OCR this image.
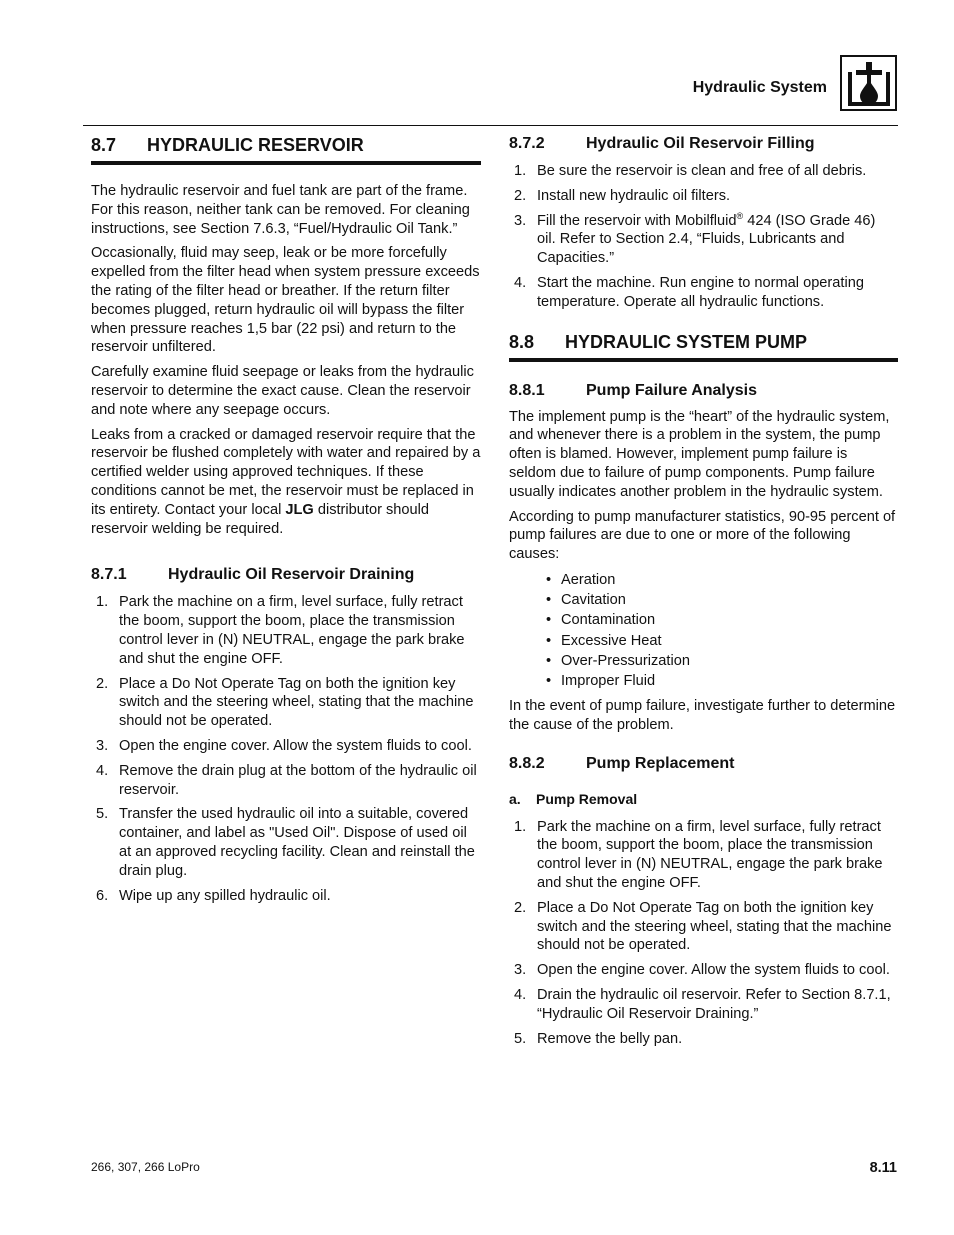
Hydraulic System
8.7	HYDRAULIC RESERVOIR

The hydraulic reservoir and fuel tank are part of the frame. For this reason, neither tank can be removed. For cleaning instructions, see Section 7.6.3, “Fuel/Hydraulic Oil Tank.”

Occasionally, fluid may seep, leak or be more forcefully expelled from the filter head when system pressure exceeds the rating of the filter head or breather. If the return filter becomes plugged, return hydraulic oil will bypass the filter when pressure reaches 1,5 bar (22 psi) and return to the reservoir unfiltered.

Carefully examine fluid seepage or leaks from the hydraulic reservoir to determine the exact cause. Clean the reservoir and note where any seepage occurs.

Leaks from a cracked or damaged reservoir require that the reservoir be flushed completely with water and repaired by a certified welder using approved techniques. If these conditions cannot be met, the reservoir must be replaced in its entirety. Contact your local JLG distributor should reservoir welding be required.

8.7.1	Hydraulic Oil Reservoir Draining
1. Park the machine on a firm, level surface, fully retract the boom, support the boom, place the transmission control lever in (N) NEUTRAL, engage the park brake and shut the engine OFF.
2. Place a Do Not Operate Tag on both the ignition key switch and the steering wheel, stating that the machine should not be operated.
3. Open the engine cover. Allow the system fluids to cool.
4. Remove the drain plug at the bottom of the hydraulic oil reservoir.
5. Transfer the used hydraulic oil into a suitable, covered container, and label as "Used Oil". Dispose of used oil at an approved recycling facility. Clean and reinstall the drain plug.
6. Wipe up any spilled hydraulic oil.
8.7.2	Hydraulic Oil Reservoir Filling
1. Be sure the reservoir is clean and free of all debris.
2. Install new hydraulic oil filters.
3. Fill the reservoir with Mobilfluid® 424 (ISO Grade 46) oil. Refer to Section 2.4, “Fluids, Lubricants and Capacities.”
4. Start the machine. Run engine to normal operating temperature. Operate all hydraulic functions.
8.8	HYDRAULIC SYSTEM PUMP
8.8.1	Pump Failure Analysis

The implement pump is the “heart” of the hydraulic system, and whenever there is a problem in the system, the pump often is blamed. However, implement pump failure is seldom due to failure of pump components. Pump failure usually indicates another problem in the hydraulic system.

According to pump manufacturer statistics, 90-95 percent of pump failures are due to one or more of the following causes:

• Aeration
• Cavitation
• Contamination
• Excessive Heat
• Over-Pressurization
• Improper Fluid

In the event of pump failure, investigate further to determine the cause of the problem.

8.8.2	Pump Replacement
a.	Pump Removal
1. Park the machine on a firm, level surface, fully retract the boom, support the boom, place the transmission control lever in (N) NEUTRAL, engage the park brake and shut the engine OFF.
2. Place a Do Not Operate Tag on both the ignition key switch and the steering wheel, stating that the machine should not be operated.
3. Open the engine cover. Allow the system fluids to cool.
4. Drain the hydraulic oil reservoir. Refer to Section 8.7.1, “Hydraulic Oil Reservoir Draining.”
5. Remove the belly pan.
266, 307, 266 LoPro	8.11
